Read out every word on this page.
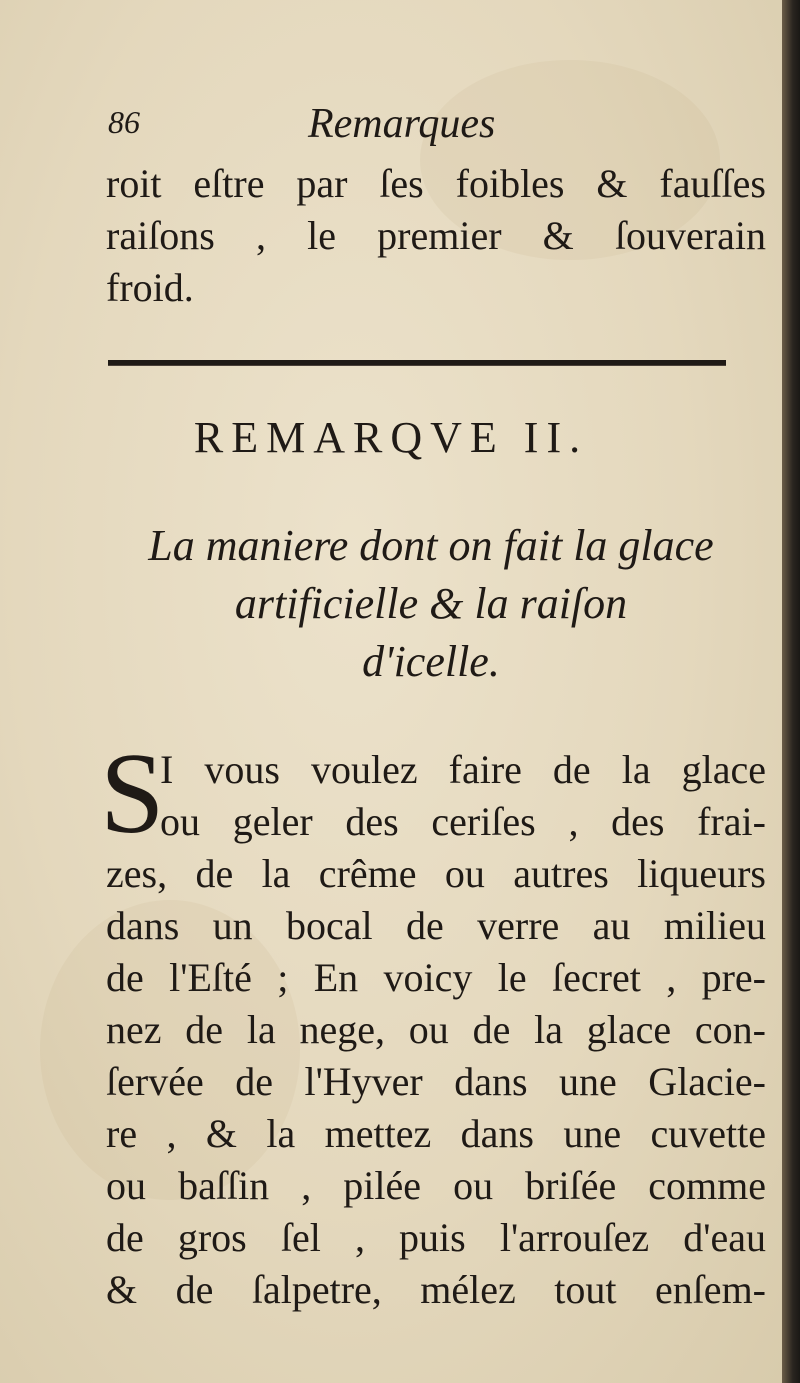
86	Remarques
roit eſtre par ſes foibles & fauſſes
raiſons , le premier & ſouverain
froid.
REMARQVE II.
La maniere dont on fait la glace
artificielle & la raiſon
d'icelle.
S
I vous voulez faire de la glace
ou geler des ceriſes , des frai-
zes, de la crême ou autres liqueurs
dans un bocal de verre au milieu
de l'Eſté ; En voicy le ſecret , pre-
nez de la nege, ou de la glace con-
ſervée de l'Hyver dans une Glacie-
re , & la mettez dans une cuvette
ou baſſin , pilée ou briſée comme
de gros ſel , puis l'arrouſez d'eau
& de ſalpetre, mélez tout enſem-
